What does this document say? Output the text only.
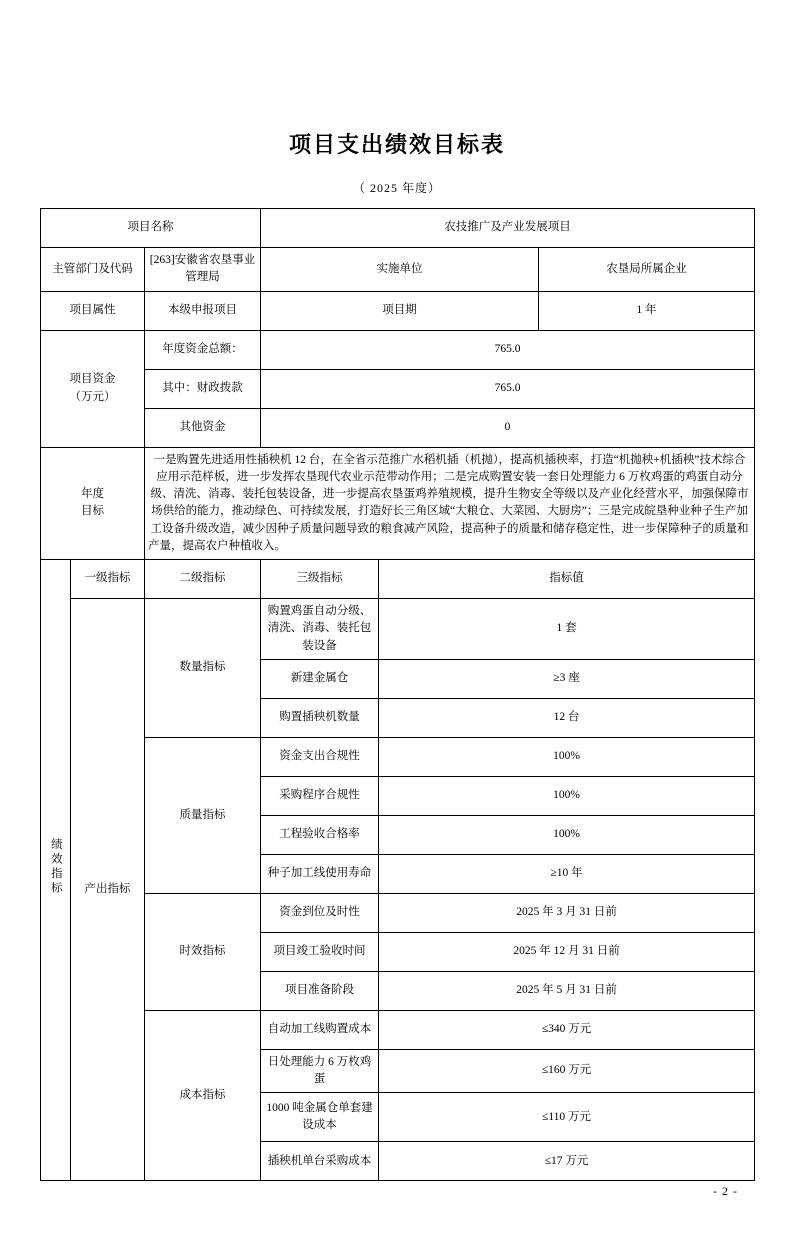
项目支出绩效目标表
（ 2025 年度）
项目名称			农技推广及产业发展项目		
主管部门及代码		[263]安徽省农垦事业管理局	实施单位		农垦局所属企业
项目属性		本级申报项目	项目期		1 年

项目资金
（万元）		年度资金总额：	765.0		
		其中：财政拨款	765.0		
		其他资金	0		

年度
目标		一是购置先进适用性插秧机 12 台，在全省示范推广水稻机插（机抛），提高机插秧率，打造“机抛秧+机插秧”技术综合应用示范样板，进一步发挥农垦现代农业示范带动作用；二是完成购置安装一套日处理能力 6 万枚鸡蛋的鸡蛋自动分级、清洗、消毒、装托包装设备，进一步提高农垦蛋鸡养殖规模，提升生物安全等级以及产业化经营水平，加强保障市场供给的能力，推动绿色、可持续发展，打造好长三角区域“大粮仓、大菜园、大厨房”；三是完成皖垦种业种子生产加工设备升级改造，减少因种子质量问题导致的粮食减产风险，提高种子的质量和储存稳定性，进一步保障种子的质量和产量，提高农户种植收入。			
绩效指标	一级指标	二级指标	三级指标	指标值	
	产出指标	数量指标	购置鸡蛋自动分级、清洗、消毒、装托包装设备	1 套	
			新建金属仓	≥3 座	
			购置插秧机数量	12 台	
		质量指标	资金支出合规性	100%	
			采购程序合规性	100%	
			工程验收合格率	100%	
			种子加工线使用寿命	≥10 年	
		时效指标	资金到位及时性	2025 年 3 月 31 日前	
			项目竣工验收时间	2025 年 12 月 31 日前	
			项目准备阶段	2025 年 5 月 31 日前	
		成本指标	自动加工线购置成本	≤340 万元	
			日处理能力 6 万枚鸡蛋	≤160 万元	
			1000 吨金属仓单套建设成本	≤110 万元	
			插秧机单台采购成本	≤17 万元	
- 2 -
